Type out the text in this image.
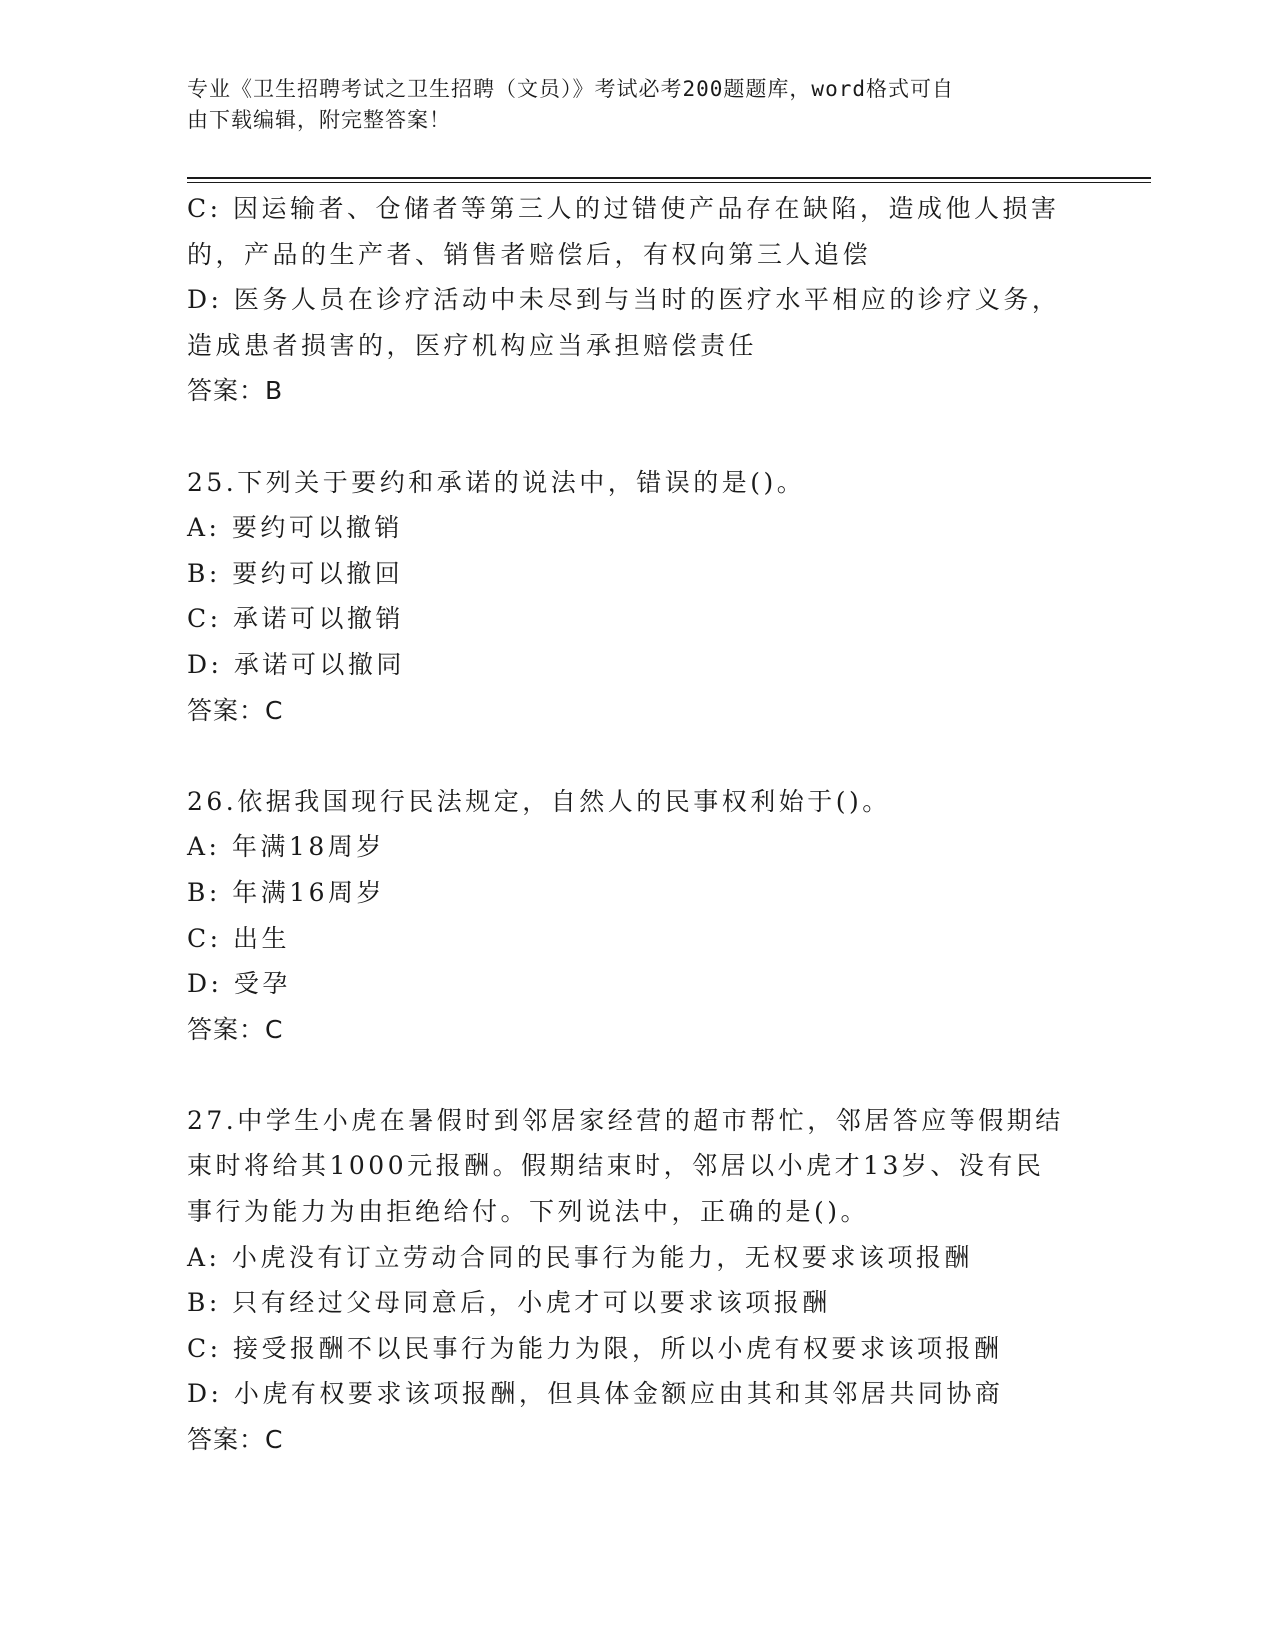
专业《卫生招聘考试之卫生招聘（文员）》考试必考200题题库，word格式可自
由下载编辑，附完整答案！
C: 因运输者、仓储者等第三人的过错使产品存在缺陷，造成他人损害
的，产品的生产者、销售者赔偿后，有权向第三人追偿
D: 医务人员在诊疗活动中未尽到与当时的医疗水平相应的诊疗义务，
造成患者损害的，医疗机构应当承担赔偿责任
答案：B
25.下列关于要约和承诺的说法中，错误的是()。
A: 要约可以撤销
B: 要约可以撤回
C: 承诺可以撤销
D: 承诺可以撤同
答案：C
26.依据我国现行民法规定，自然人的民事权利始于()。
A: 年满18周岁
B: 年满16周岁
C: 出生
D: 受孕
答案：C
27.中学生小虎在暑假时到邻居家经营的超市帮忙，邻居答应等假期结
束时将给其1000元报酬。假期结束时，邻居以小虎才13岁、没有民
事行为能力为由拒绝给付。下列说法中，正确的是()。
A: 小虎没有订立劳动合同的民事行为能力，无权要求该项报酬
B: 只有经过父母同意后，小虎才可以要求该项报酬
C: 接受报酬不以民事行为能力为限，所以小虎有权要求该项报酬
D: 小虎有权要求该项报酬，但具体金额应由其和其邻居共同协商
答案：C
